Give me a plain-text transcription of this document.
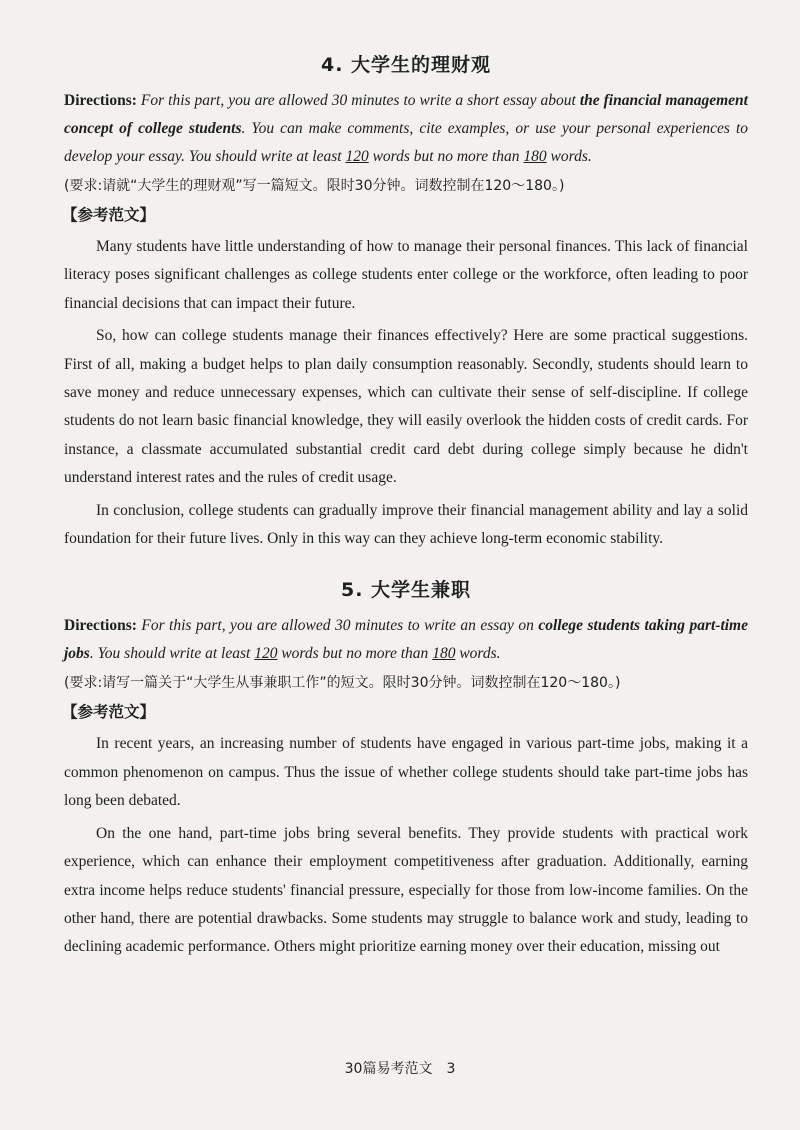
4. 大学生的理财观
Directions: For this part, you are allowed 30 minutes to write a short essay about the financial management concept of college students. You can make comments, cite examples, or use your personal experiences to develop your essay. You should write at least 120 words but no more than 180 words.
(要求:请就“大学生的理财观”写一篇短文。限时30分钟。词数控制在120～180。)
【参考范文】

Many students have little understanding of how to manage their personal finances. This lack of financial literacy poses significant challenges as college students enter college or the workforce, often leading to poor financial decisions that can impact their future.

So, how can college students manage their finances effectively? Here are some practical suggestions. First of all, making a budget helps to plan daily consumption reasonably. Secondly, students should learn to save money and reduce unnecessary expenses, which can cultivate their sense of self-discipline. If college students do not learn basic financial knowledge, they will easily overlook the hidden costs of credit cards. For instance, a classmate accumulated substantial credit card debt during college simply because he didn't understand interest rates and the rules of credit usage.

In conclusion, college students can gradually improve their financial management ability and lay a solid foundation for their future lives. Only in this way can they achieve long-term economic stability.

5. 大学生兼职
Directions: For this part, you are allowed 30 minutes to write an essay on college students taking part-time jobs. You should write at least 120 words but no more than 180 words.
(要求:请写一篇关于“大学生从事兼职工作”的短文。限时30分钟。词数控制在120～180。)
【参考范文】

In recent years, an increasing number of students have engaged in various part-time jobs, making it a common phenomenon on campus. Thus the issue of whether college students should take part-time jobs has long been debated.

On the one hand, part-time jobs bring several benefits. They provide students with practical work experience, which can enhance their employment competitiveness after graduation. Additionally, earning extra income helps reduce students' financial pressure, especially for those from low-income families. On the other hand, there are potential drawbacks. Some students may struggle to balance work and study, leading to declining academic performance. Others might prioritize earning money over their education, missing out

30篇易考范文　3
